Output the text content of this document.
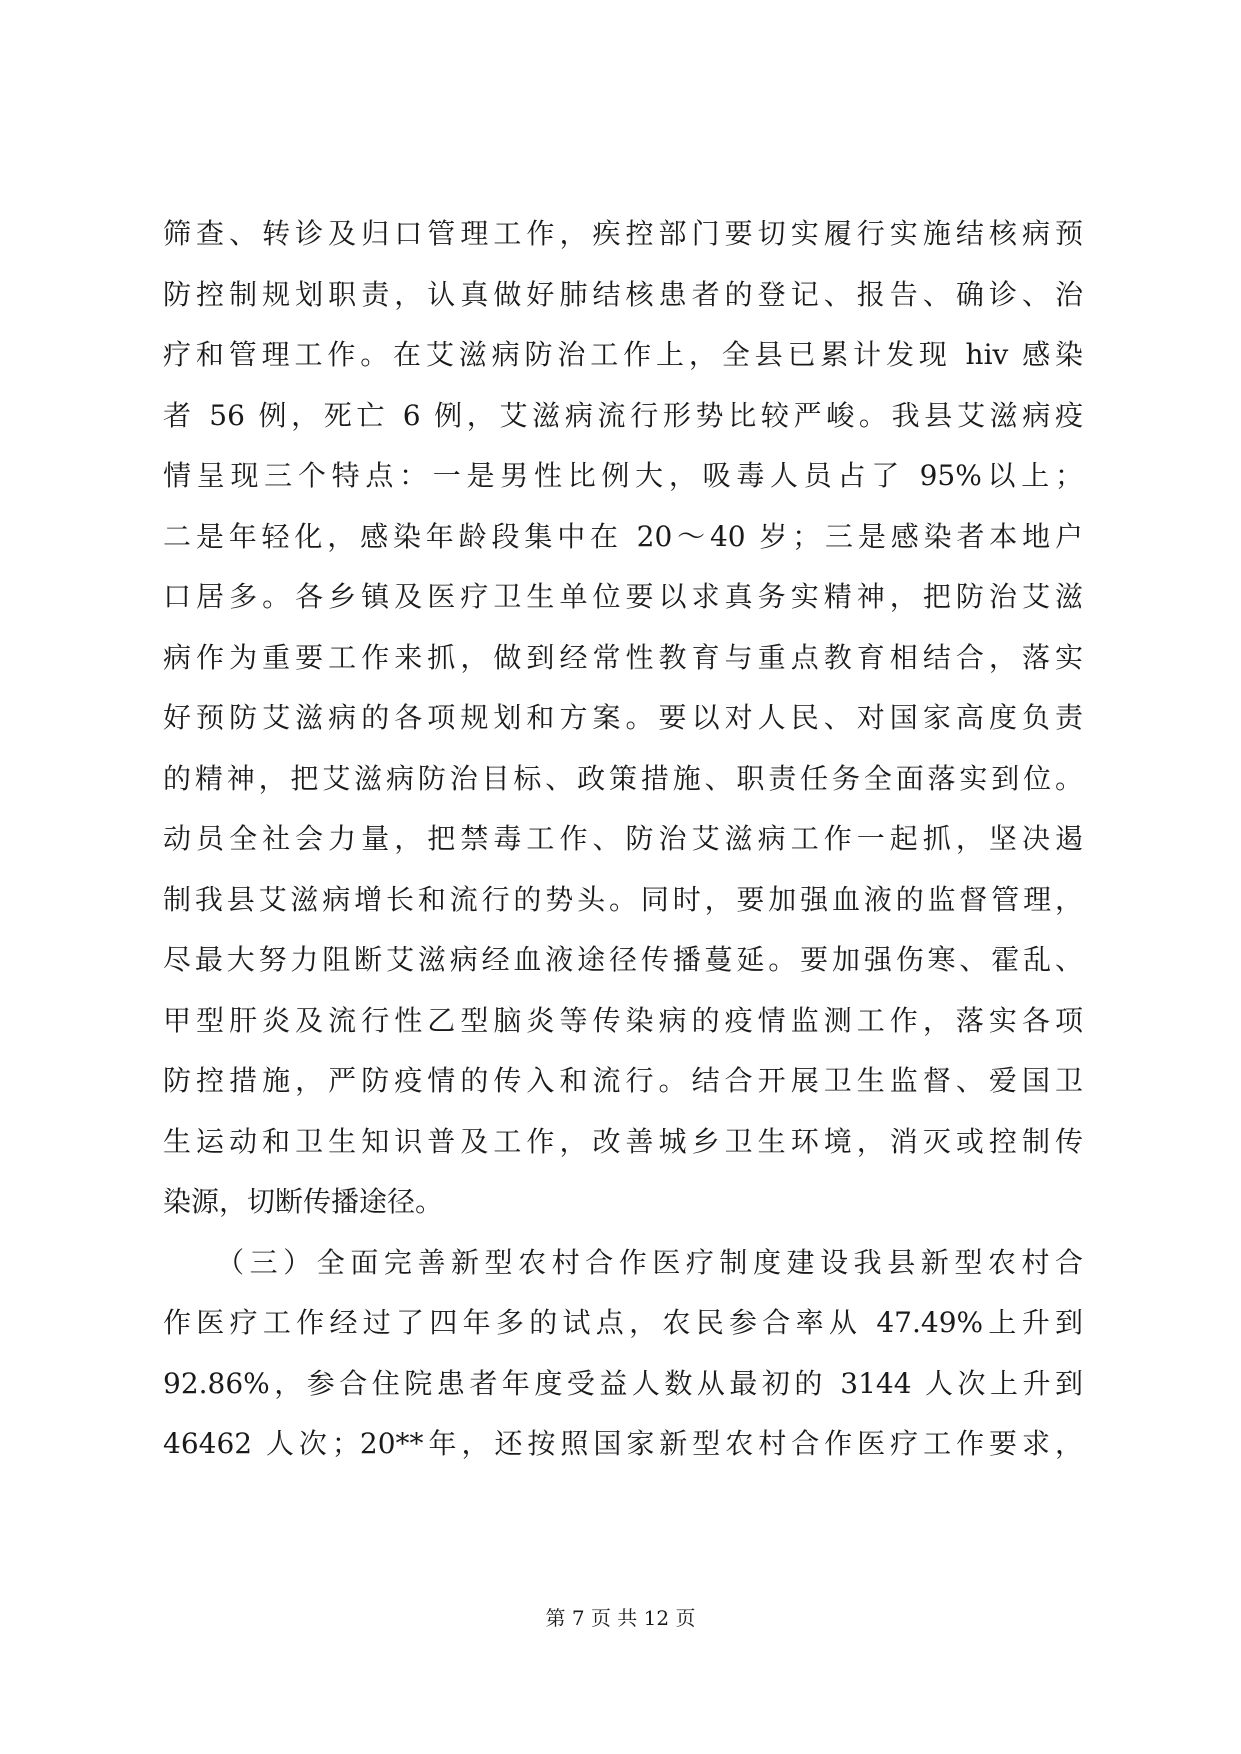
筛查、转诊及归口管理工作，疾控部门要切实履行实施结核病预
防控制规划职责，认真做好肺结核患者的登记、报告、确诊、治
疗和管理工作。在艾滋病防治工作上，全县已累计发现 hiv 感染
者 56 例，死亡 6 例，艾滋病流行形势比较严峻。我县艾滋病疫
情呈现三个特点：一是男性比例大，吸毒人员占了 95%以上；
二是年轻化，感染年龄段集中在 20～40 岁；三是感染者本地户
口居多。各乡镇及医疗卫生单位要以求真务实精神，把防治艾滋
病作为重要工作来抓，做到经常性教育与重点教育相结合，落实
好预防艾滋病的各项规划和方案。要以对人民、对国家高度负责
的精神，把艾滋病防治目标、政策措施、职责任务全面落实到位。
动员全社会力量，把禁毒工作、防治艾滋病工作一起抓，坚决遏
制我县艾滋病增长和流行的势头。同时，要加强血液的监督管理，
尽最大努力阻断艾滋病经血液途径传播蔓延。要加强伤寒、霍乱、
甲型肝炎及流行性乙型脑炎等传染病的疫情监测工作，落实各项
防控措施，严防疫情的传入和流行。结合开展卫生监督、爱国卫
生运动和卫生知识普及工作，改善城乡卫生环境，消灭或控制传
染源，切断传播途径。
　　（三）全面完善新型农村合作医疗制度建设我县新型农村合
作医疗工作经过了四年多的试点，农民参合率从 47.49%上升到
92.86%，参合住院患者年度受益人数从最初的 3144 人次上升到
46462 人次；20**年，还按照国家新型农村合作医疗工作要求，
第 7 页 共 12 页
